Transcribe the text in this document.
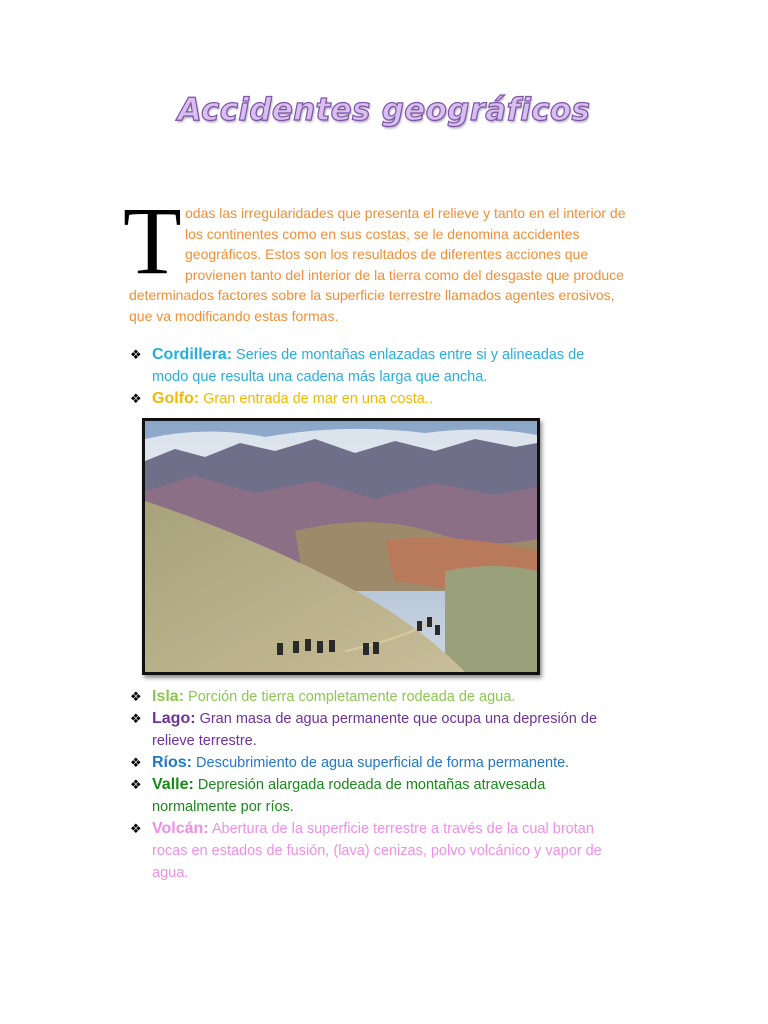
Accidentes geográficos
T odas las irregularidades que presenta el relieve y tanto en el interior de
los continentes como en sus costas, se le denomina accidentes
geográficos. Estos son los resultados de diferentes acciones que
provienen tanto del interior de la tierra como del desgaste que produce
determinados factores sobre la superficie terrestre llamados agentes erosivos,
que va modificando estas formas.

❖ Cordillera: Series de montañas enlazadas entre si y alineadas de
modo que resulta una cadena más larga que ancha.
❖ Golfo: Gran entrada de mar en una costa..
❖ Isla: Porción de tierra completamente rodeada de agua.
❖ Lago: Gran masa de agua permanente que ocupa una depresión de
relieve terrestre.
❖ Ríos: Descubrimiento de agua superficial de forma permanente.
❖ Valle: Depresión alargada rodeada de montañas atravesada
normalmente por ríos.
❖ Volcán: Abertura de la superficie terrestre a través de la cual brotan
rocas en estados de fusión, (lava) cenizas, polvo volcánico y vapor de
agua.
